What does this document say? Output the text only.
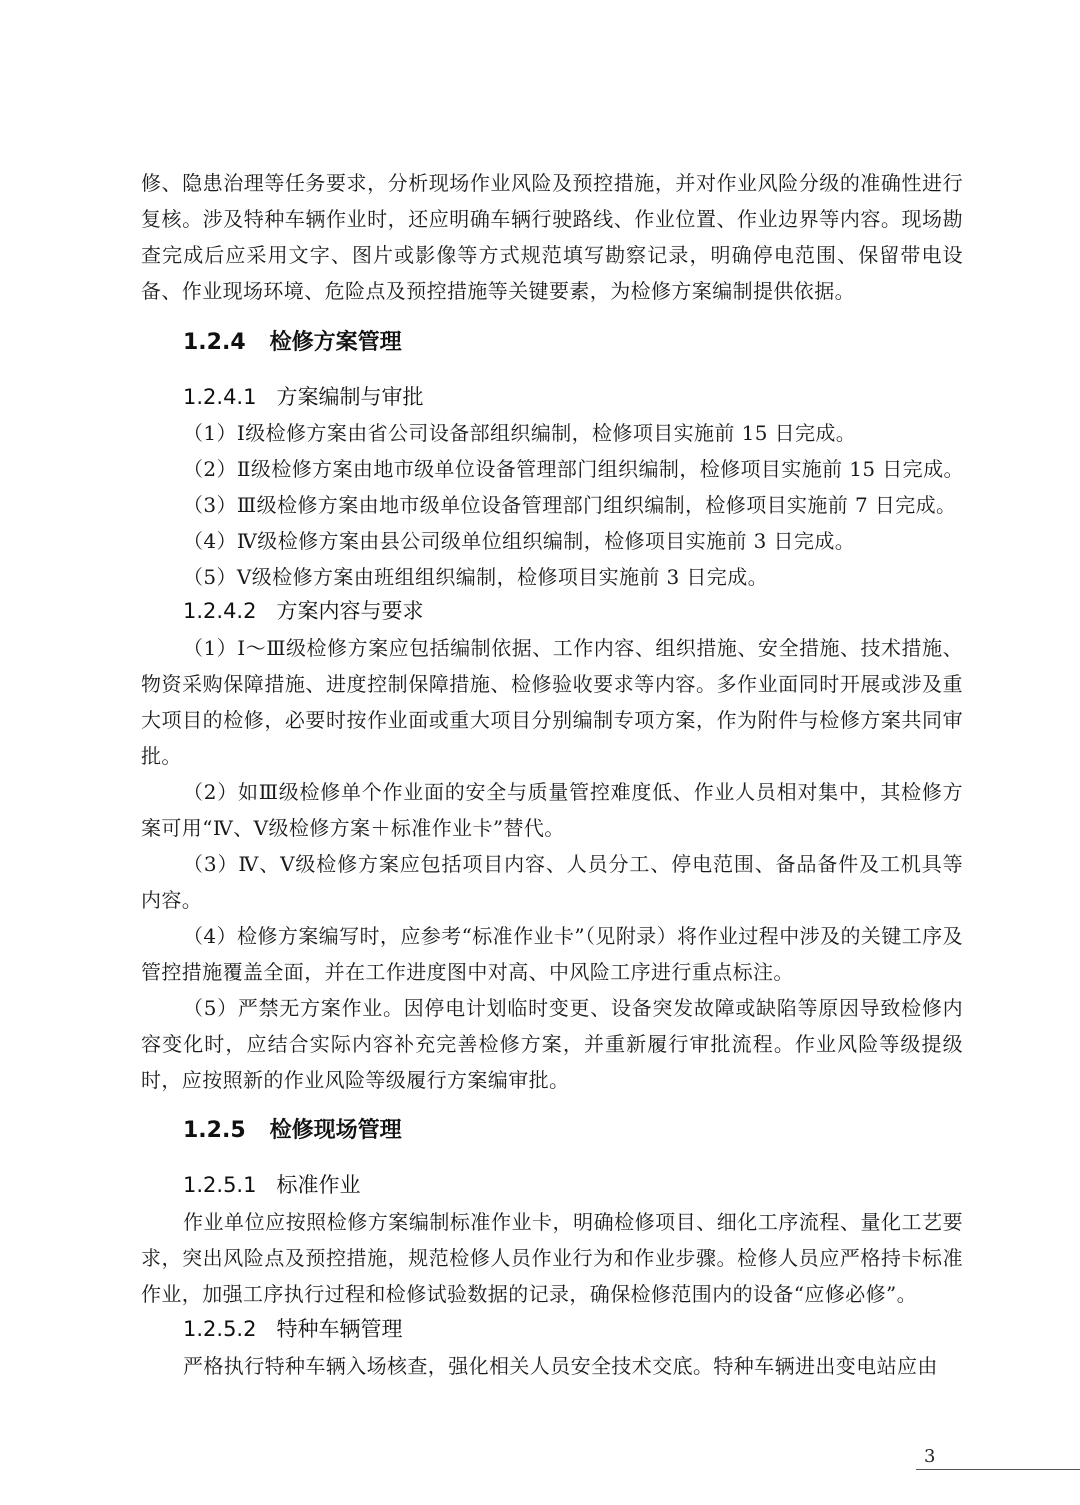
修、隐患治理等任务要求，分析现场作业风险及预控措施，并对作业风险分级的准确性进行复核。涉及特种车辆作业时，还应明确车辆行驶路线、作业位置、作业边界等内容。现场勘查完成后应采用文字、图片或影像等方式规范填写勘察记录，明确停电范围、保留带电设备、作业现场环境、危险点及预控措施等关键要素，为检修方案编制提供依据。

1.2.4 检修方案管理
1.2.4.1 方案编制与审批
（1）Ⅰ级检修方案由省公司设备部组织编制，检修项目实施前 15 日完成。
（2）Ⅱ级检修方案由地市级单位设备管理部门组织编制，检修项目实施前 15 日完成。
（3）Ⅲ级检修方案由地市级单位设备管理部门组织编制，检修项目实施前 7 日完成。
（4）Ⅳ级检修方案由县公司级单位组织编制，检修项目实施前 3 日完成。
（5）Ⅴ级检修方案由班组组织编制，检修项目实施前 3 日完成。
1.2.4.2 方案内容与要求

（1）Ⅰ～Ⅲ级检修方案应包括编制依据、工作内容、组织措施、安全措施、技术措施、物资采购保障措施、进度控制保障措施、检修验收要求等内容。多作业面同时开展或涉及重大项目的检修，必要时按作业面或重大项目分别编制专项方案，作为附件与检修方案共同审批。

（2）如Ⅲ级检修单个作业面的安全与质量管控难度低、作业人员相对集中，其检修方案可用“Ⅳ、Ⅴ级检修方案＋标准作业卡”替代。

（3）Ⅳ、Ⅴ级检修方案应包括项目内容、人员分工、停电范围、备品备件及工机具等内容。

（4）检修方案编写时，应参考“标准作业卡”（见附录）将作业过程中涉及的关键工序及管控措施覆盖全面，并在工作进度图中对高、中风险工序进行重点标注。

（5）严禁无方案作业。因停电计划临时变更、设备突发故障或缺陷等原因导致检修内容变化时，应结合实际内容补充完善检修方案，并重新履行审批流程。作业风险等级提级时，应按照新的作业风险等级履行方案编审批。

1.2.5 检修现场管理
1.2.5.1 标准作业

作业单位应按照检修方案编制标准作业卡，明确检修项目、细化工序流程、量化工艺要求，突出风险点及预控措施，规范检修人员作业行为和作业步骤。检修人员应严格持卡标准作业，加强工序执行过程和检修试验数据的记录，确保检修范围内的设备“应修必修”。

1.2.5.2 特种车辆管理

严格执行特种车辆入场核查，强化相关人员安全技术交底。特种车辆进出变电站应由

3
